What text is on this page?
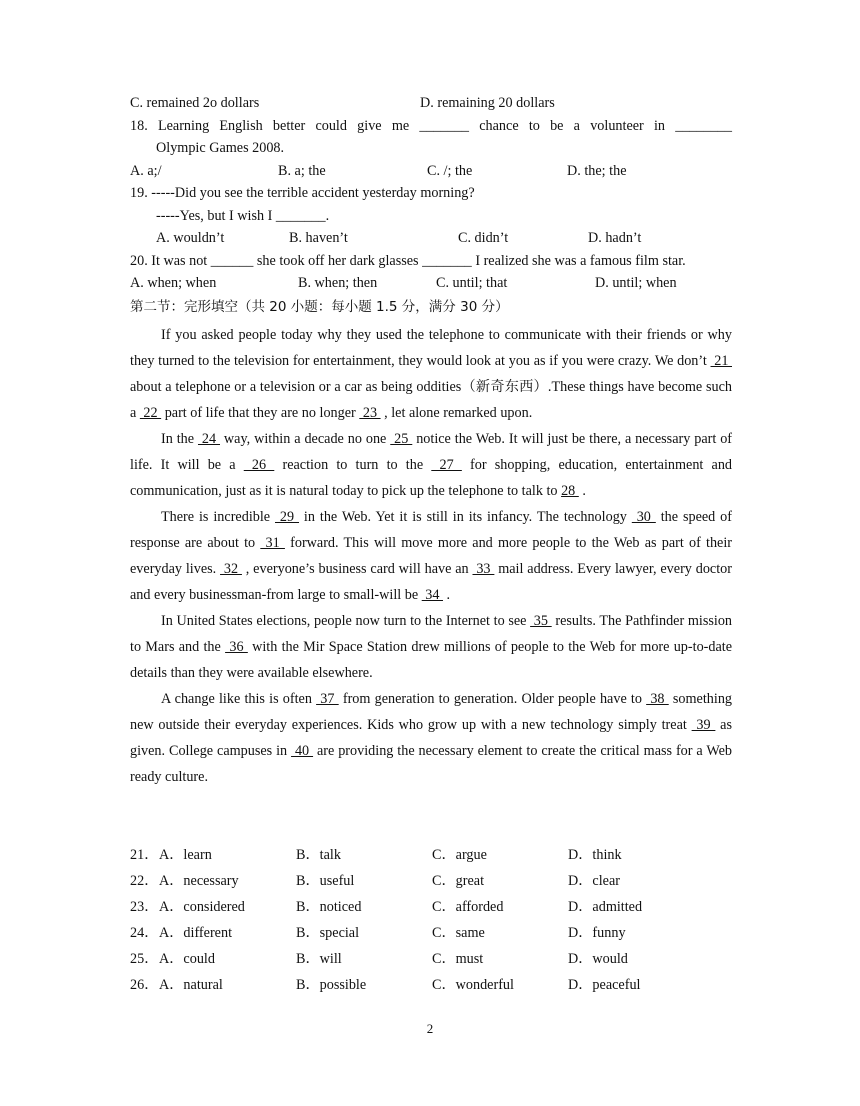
C. remained 2o dollars	D. remaining 20 dollars
18. Learning English better could give me _______ chance to be a volunteer in ________
Olympic Games 2008.
A. a;/	B. a; the	C. /; the	D. the; the
19. -----Did you see the terrible accident yesterday morning?
-----Yes, but I wish I _______.
A. wouldn’t	B. haven’t	C. didn’t	D. hadn’t
20. It was not ______ she took off her dark glasses _______ I realized she was a famous film star.
A. when; when	B. when; then	C. until; that	D. until; when
第二节：完形填空（共 20 小题：每小题 1.5 分，满分 30 分）

If you asked people today why they used the telephone to communicate with their friends or why they turned to the television for entertainment, they would look at you as if you were crazy. We don’t  21  about a telephone or a television or a car as being oddities（新奇东西）.These things have become such a  22  part of life that they are no longer  23  , let alone remarked upon.

In the  24  way, within a decade no one  25  notice the Web. It will just be there, a necessary part of life. It will be a  26  reaction to turn to the  27  for shopping, education, entertainment and communication, just as it is natural today to pick up the telephone to talk to 28  .

There is incredible  29  in the Web. Yet it is still in its infancy. The technology  30  the speed of response are about to  31  forward. This will move more and more people to the Web as part of their everyday lives.  32  , everyone’s business card will have an  33  mail address. Every lawyer, every doctor and every businessman-from large to small-will be  34  .

In United States elections, people now turn to the Internet to see  35  results. The Pathfinder mission to Mars and the  36  with the Mir Space Station drew millions of people to the Web for more up-to-date details than they were available elsewhere.

A change like this is often  37  from generation to generation. Older people have to  38  something new outside their everyday experiences. Kids who grow up with a new technology simply treat  39  as given. College campuses in  40  are providing the necessary element to create the critical mass for a Web ready culture.

21． A．learn	B．talk	C．argue	D．think
22． A．necessary	B．useful	C．great	D．clear
23． A．considered	B．noticed	C．afforded	D．admitted
24． A．different	B．special	C．same	D．funny
25． A．could	B．will	C．must	D．would
26． A．natural	B．possible	C．wonderful	D．peaceful
2
